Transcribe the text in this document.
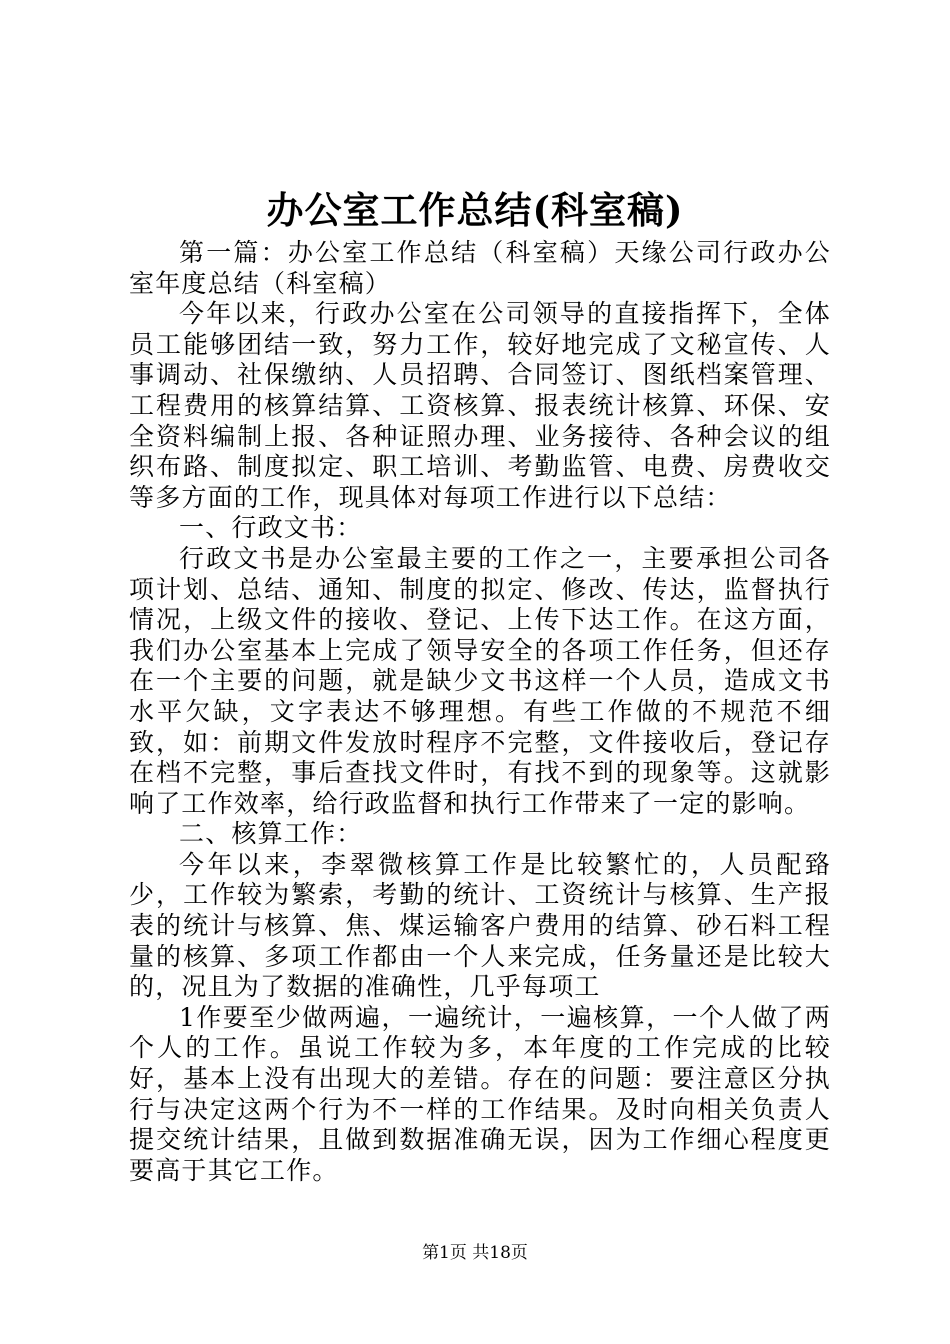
办公室工作总结(科室稿)

第一篇：办公室工作总结（科室稿）天缘公司行政办公室年度总结（科室稿）

今年以来，行政办公室在公司领导的直接指挥下，全体员工能够团结一致，努力工作，较好地完成了文秘宣传、人事调动、社保缴纳、人员招聘、合同签订、图纸档案管理、工程费用的核算结算、工资核算、报表统计核算、环保、安全资料编制上报、各种证照办理、业务接待、各种会议的组织布路、制度拟定、职工培训、考勤监管、电费、房费收交等多方面的工作，现具体对每项工作进行以下总结：

一、行政文书：

行政文书是办公室最主要的工作之一，主要承担公司各项计划、总结、通知、制度的拟定、修改、传达，监督执行情况，上级文件的接收、登记、上传下达工作。在这方面，我们办公室基本上完成了领导安全的各项工作任务，但还存在一个主要的问题，就是缺少文书这样一个人员，造成文书水平欠缺，文字表达不够理想。有些工作做的不规范不细致，如：前期文件发放时程序不完整，文件接收后，登记存在档不完整，事后查找文件时，有找不到的现象等。这就影响了工作效率，给行政监督和执行工作带来了一定的影响。

二、核算工作：

今年以来，李翠微核算工作是比较繁忙的，人员配臵少，工作较为繁索，考勤的统计、工资统计与核算、生产报表的统计与核算、焦、煤运输客户费用的结算、砂石料工程量的核算、多项工作都由一个人来完成，任务量还是比较大的，况且为了数据的准确性，几乎每项工

1作要至少做两遍，一遍统计，一遍核算，一个人做了两个人的工作。虽说工作较为多，本年度的工作完成的比较好，基本上没有出现大的差错。存在的问题：要注意区分执行与决定这两个行为不一样的工作结果。及时向相关负责人提交统计结果，且做到数据准确无误，因为工作细心程度更要高于其它工作。

第1页 共18页
